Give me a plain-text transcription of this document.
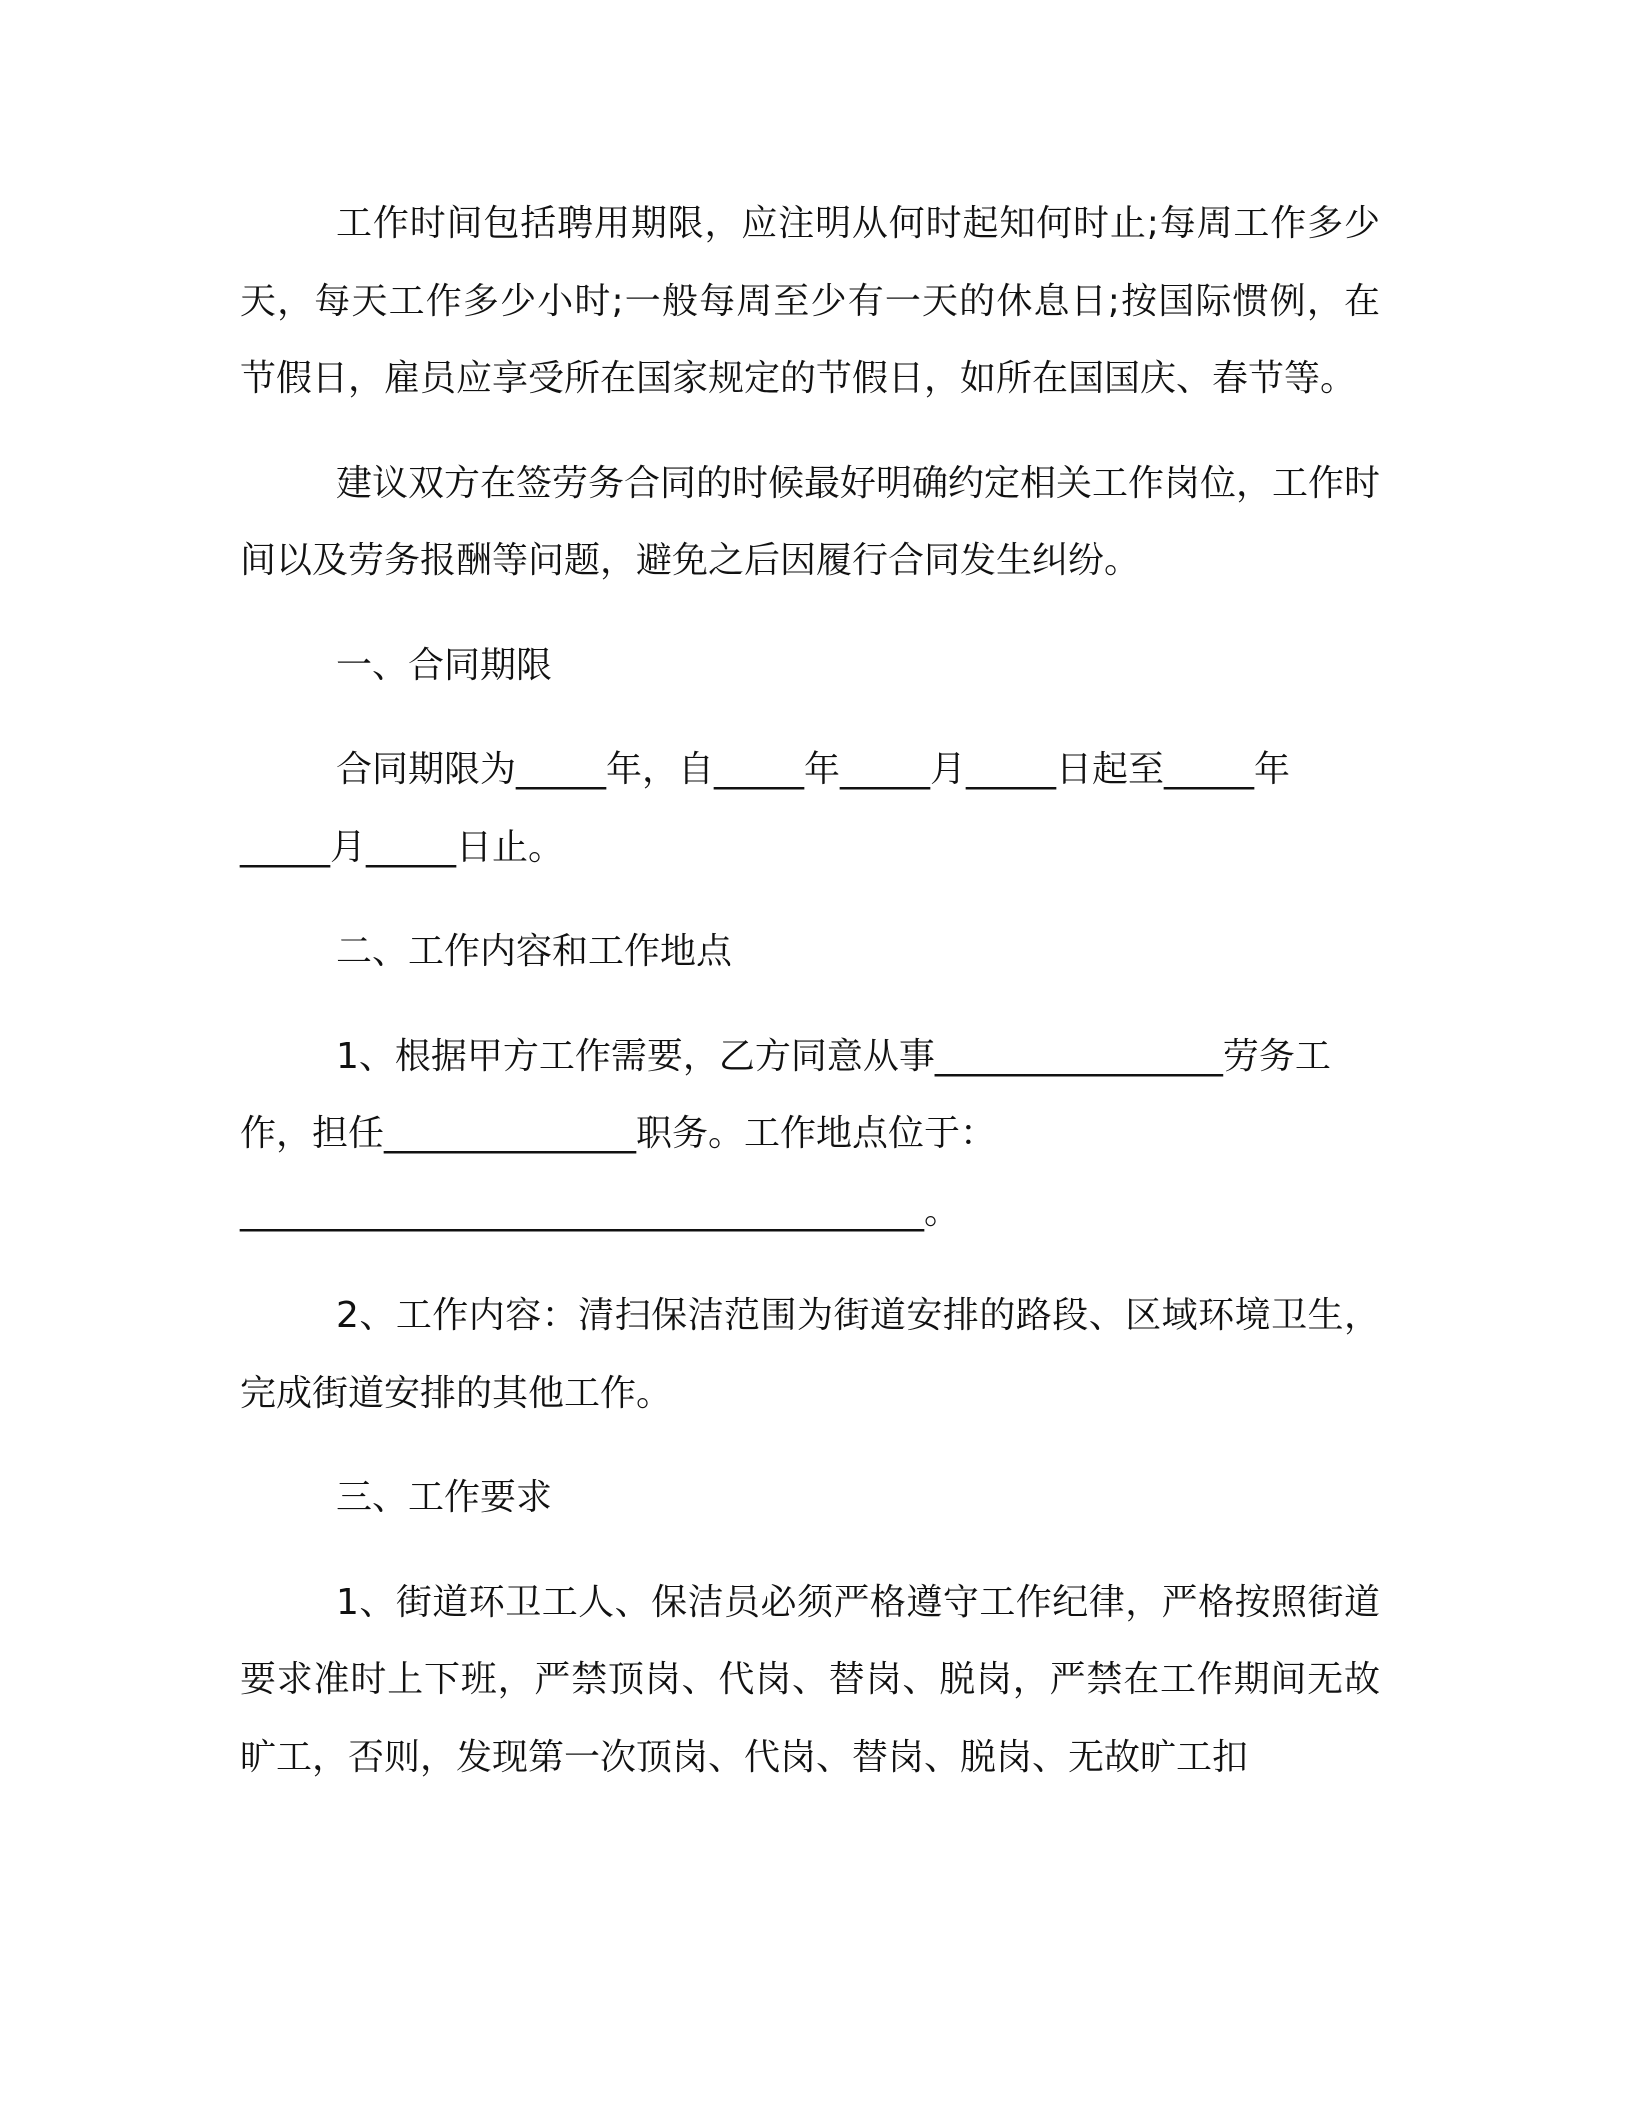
工作时间包括聘用期限，应注明从何时起知何时止;每周工作多少天，每天工作多少小时;一般每周至少有一天的休息日;按国际惯例，在节假日，雇员应享受所在国家规定的节假日，如所在国国庆、春节等。

建议双方在签劳务合同的时候最好明确约定相关工作岗位，工作时间以及劳务报酬等问题，避免之后因履行合同发生纠纷。

一、合同期限

合同期限为_____年，自_____年_____月_____日起至_____年

_____月_____日止。

二、工作内容和工作地点

1、根据甲方工作需要，乙方同意从事________________劳务工

作，担任______________职务。工作地点位于：

______________________________________。

2、工作内容：清扫保洁范围为街道安排的路段、区域环境卫生，完成街道安排的其他工作。

三、工作要求

1、街道环卫工人、保洁员必须严格遵守工作纪律，严格按照街道要求准时上下班，严禁顶岗、代岗、替岗、脱岗，严禁在工作期间无故旷工，否则，发现第一次顶岗、代岗、替岗、脱岗、无故旷工扣
